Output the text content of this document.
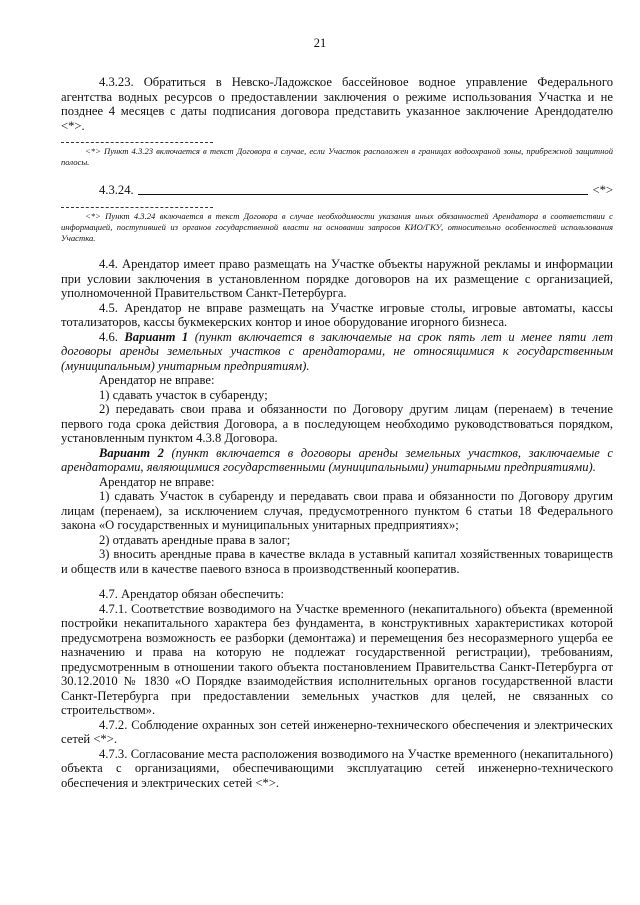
21

4.3.23. Обратиться в Невско-Ладожское бассейновое водное управление Федерального агентства водных ресурсов о предоставлении заключения о режиме использования Участка и не позднее 4 месяцев с даты подписания договора представить указанное заключение Арендодателю <*>.

<*> Пункт 4.3.23 включается в текст Договора в случае, если Участок расположен в границах водоохраной зоны, прибрежной защитной полосы.

4.3.24.	<*>

<*> Пункт 4.3.24 включается в текст Договора в случае необходимости указания иных обязанностей Арендатора в соответствии с информацией, поступившей из органов государственной власти на основании запросов КИО/ГКУ, относительно особенностей использования Участка.

4.4. Арендатор имеет право размещать на Участке объекты наружной рекламы и информации при условии заключения в установленном порядке договоров на их размещение с организацией, уполномоченной Правительством Санкт-Петербурга.

4.5. Арендатор не вправе размещать на Участке игровые столы, игровые автоматы, кассы тотализаторов, кассы букмекерских контор и иное оборудование игорного бизнеса.

4.6. Вариант 1 (пункт включается в заключаемые на срок пять лет и менее пяти лет договоры аренды земельных участков с арендаторами, не относящимися к государственным (муниципальным) унитарным предприятиям).

Арендатор не вправе:

1) сдавать участок в субаренду;

2) передавать свои права и обязанности по Договору другим лицам (перенаем) в течение первого года срока действия Договора, а в последующем необходимо руководствоваться порядком, установленным пунктом 4.3.8 Договора.

Вариант 2 (пункт включается в договоры аренды земельных участков, заключаемые с арендаторами, являющимися государственными (муниципальными) унитарными предприятиями).

Арендатор не вправе:

1) сдавать Участок в субаренду и передавать свои права и обязанности по Договору другим лицам (перенаем), за исключением случая, предусмотренного пунктом 6 статьи 18 Федерального закона «О государственных и муниципальных унитарных предприятиях»;

2) отдавать арендные права в залог;

3) вносить арендные права в качестве вклада в уставный капитал хозяйственных товариществ и обществ или в качестве паевого взноса в производственный кооператив.

4.7. Арендатор обязан обеспечить:

4.7.1. Соответствие возводимого на Участке временного (некапитального) объекта (временной постройки некапитального характера без фундамента, в конструктивных характеристиках которой предусмотрена возможность ее разборки (демонтажа) и перемещения без несоразмерного ущерба ее назначению и права на которую не подлежат государственной регистрации), требованиям, предусмотренным в отношении такого объекта постановлением Правительства Санкт-Петербурга от 30.12.2010 № 1830 «О Порядке взаимодействия исполнительных органов государственной власти Санкт-Петербурга при предоставлении земельных участков для целей, не связанных со строительством».

4.7.2. Соблюдение охранных зон сетей инженерно-технического обеспечения и электрических сетей <*>.

4.7.3. Согласование места расположения возводимого на Участке временного (некапитального) объекта с организациями, обеспечивающими эксплуатацию сетей инженерно-технического обеспечения и электрических сетей <*>.
